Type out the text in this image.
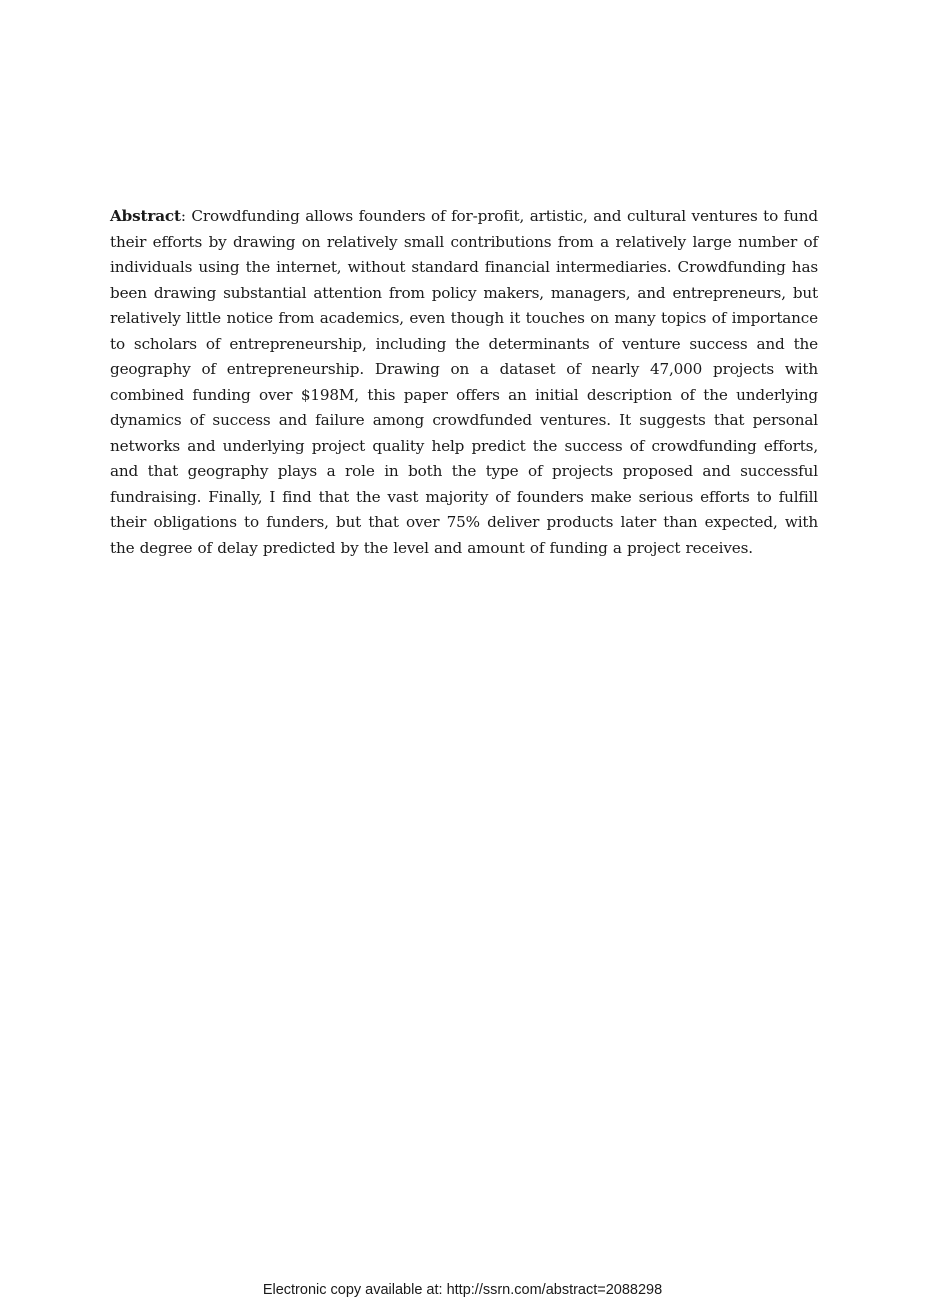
Abstract: Crowdfunding allows founders of for-profit, artistic, and cultural ventures to fund their efforts by drawing on relatively small contributions from a relatively large number of individuals using the internet, without standard financial intermediaries. Crowdfunding has been drawing substantial attention from policy makers, managers, and entrepreneurs, but relatively little notice from academics, even though it touches on many topics of importance to scholars of entrepreneurship, including the determinants of venture success and the geography of entrepreneurship. Drawing on a dataset of nearly 47,000 projects with combined funding over $198M, this paper offers an initial description of the underlying dynamics of success and failure among crowdfunded ventures. It suggests that personal networks and underlying project quality help predict the success of crowdfunding efforts, and that geography plays a role in both the type of projects proposed and successful fundraising. Finally, I find that the vast majority of founders make serious efforts to fulfill their obligations to funders, but that over 75% deliver products later than expected, with the degree of delay predicted by the level and amount of funding a project receives.

Electronic copy available at: http://ssrn.com/abstract=2088298
